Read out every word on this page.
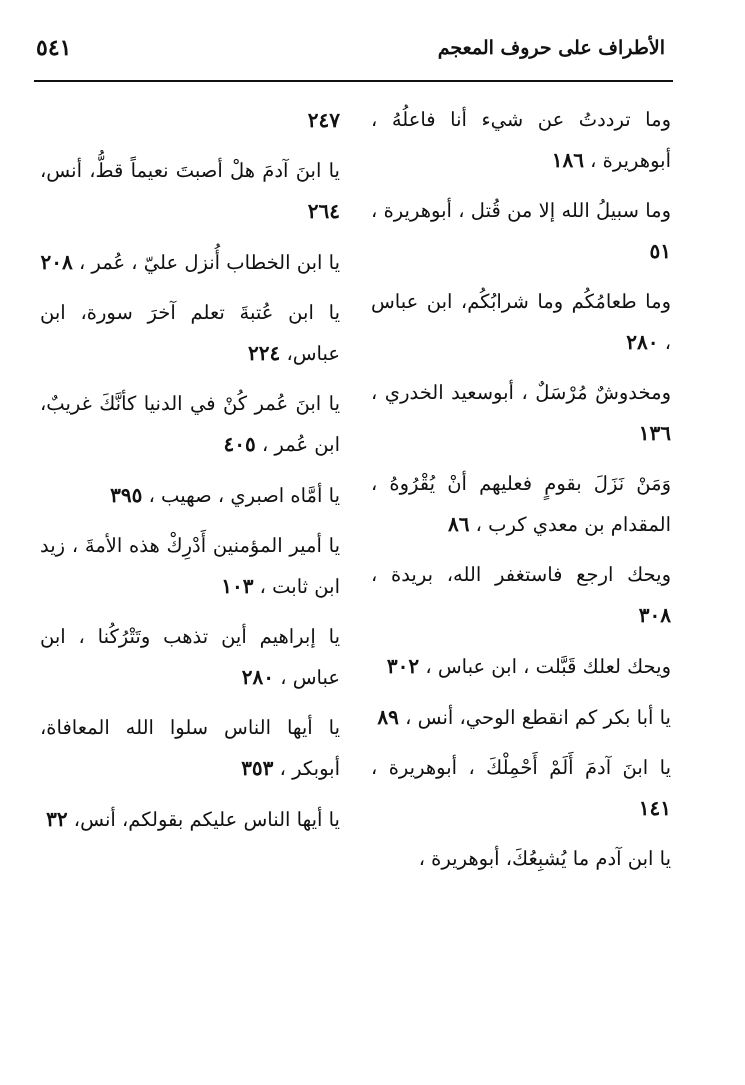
الأطراف على حروف المعجم
٥٤١
وما ترددتُ عن شيء أنا فاعلُهُ ، أبوهريرة ، ١٨٦
وما سبيلُ الله إلا من قُتل ، أبوهريرة ، ٥١
وما طعامُكُم وما شرابُكُم، ابن عباس ، ٢٨٠
ومخدوشٌ مُرْسَلٌ ، أبوسعيد الخدري ، ١٣٦
وَمَنْ نَزَلَ بقومٍ فعليهم أنْ يُقْرُوهُ ، المقدام بن معدي كرب ، ٨٦
ويحك ارجع فاستغفر الله، بريدة ، ٣٠٨
ويحك لعلك قَبَّلت ، ابن عباس ، ٣٠٢
يا أبا بكر كم انقطع الوحي، أنس ، ٨٩
يا ابنَ آدمَ أَلَمْ أَحْمِلْكَ ، أبوهريرة ، ١٤١
يا ابن آدم ما يُشبِعُكَ، أبوهريرة ،
٢٤٧
يا ابنَ آدمَ هلْ أصبتَ نعيماً قطُّ، أنس، ٢٦٤
يا ابن الخطاب أُنزل عليّ ، عُمر ، ٢٠٨
يا ابن عُتبةَ تعلم آخرَ سورة، ابن عباس، ٢٢٤
يا ابنَ عُمر كُنْ في الدنيا كأنَّكَ غريبٌ، ابن عُمر ، ٤٠٥
يا أمَّاه اصبري ، صهيب ، ٣٩٥
يا أمير المؤمنين أَدْرِكْ هذه الأمةَ ، زيد ابن ثابت ، ١٠٣
يا إبراهيم أين تذهب وتَتْرُكُنا ، ابن عباس ، ٢٨٠
يا أيها الناس سلوا الله المعافاة، أبوبكر ، ٣٥٣
يا أيها الناس عليكم بقولكم، أنس، ٣٢
